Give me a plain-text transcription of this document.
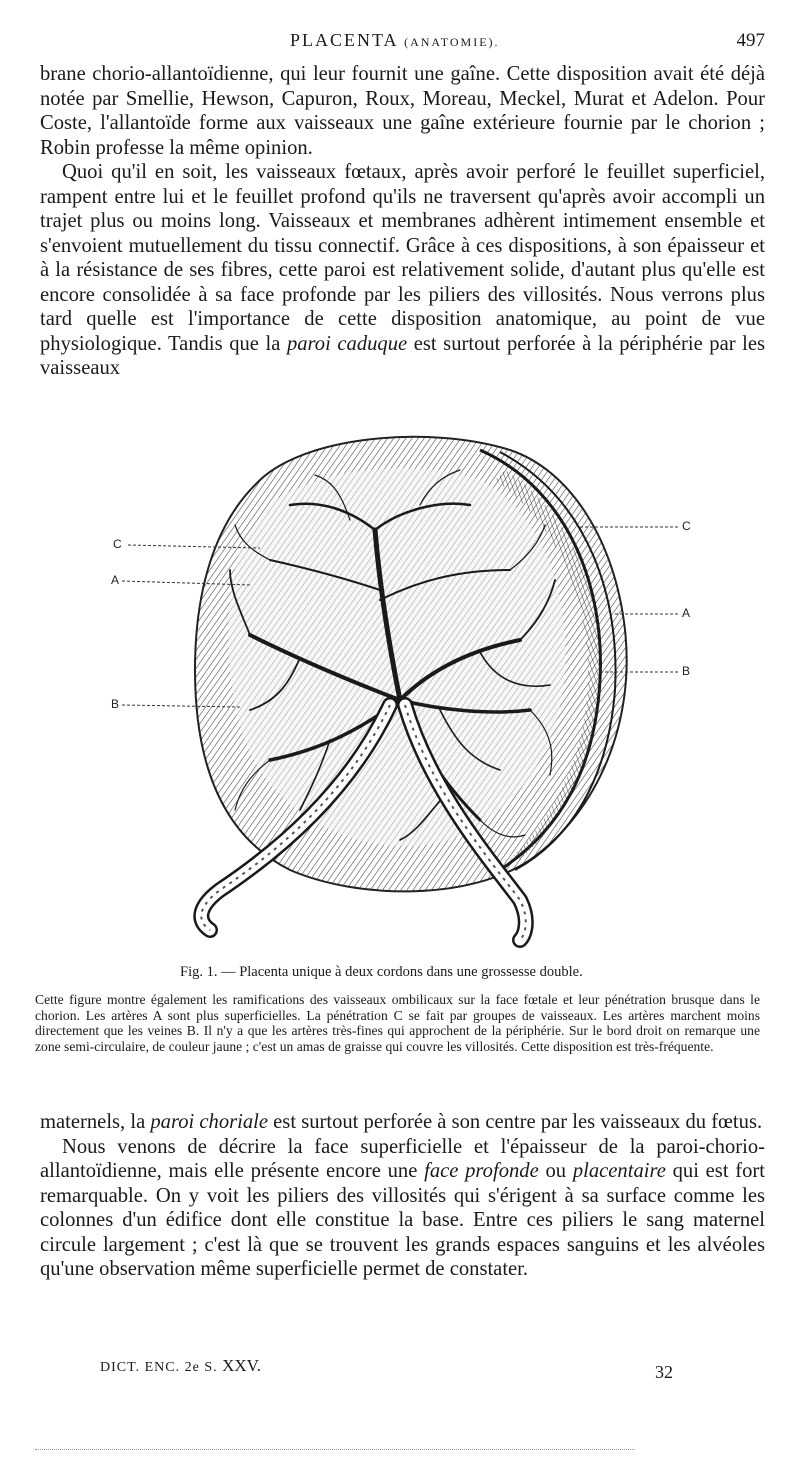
PLACENTA (ANATOMIE).	497

brane chorio-allantoïdienne, qui leur fournit une gaîne. Cette disposition avait été déjà notée par Smellie, Hewson, Capuron, Roux, Moreau, Meckel, Murat et Adelon. Pour Coste, l'allantoïde forme aux vaisseaux une gaîne extérieure fournie par le chorion ; Robin professe la même opinion.

Quoi qu'il en soit, les vaisseaux fœtaux, après avoir perforé le feuillet superficiel, rampent entre lui et le feuillet profond qu'ils ne traversent qu'après avoir accompli un trajet plus ou moins long. Vaisseaux et membranes adhèrent intimement ensemble et s'envoient mutuellement du tissu connectif. Grâce à ces dispositions, à son épaisseur et à la résistance de ses fibres, cette paroi est relativement solide, d'autant plus qu'elle est encore consolidée à sa face profonde par les piliers des villosités. Nous verrons plus tard quelle est l'importance de cette disposition anatomique, au point de vue physiologique. Tandis que la paroi caduque est surtout perforée à la périphérie par les vaisseaux

C
A
B
C
A
B
Fig. 1. — Placenta unique à deux cordons dans une grossesse double.

Cette figure montre également les ramifications des vaisseaux ombilicaux sur la face fœtale et leur pénétration brusque dans le chorion. Les artères A sont plus superficielles. La pénétration C se fait par groupes de vaisseaux. Les artères marchent moins directement que les veines B. Il n'y a que les artères très-fines qui approchent de la périphérie. Sur le bord droit on remarque une zone semi-circulaire, de couleur jaune ; c'est un amas de graisse qui couvre les villosités. Cette disposition est très-fréquente.

maternels, la paroi choriale est surtout perforée à son centre par les vaisseaux du fœtus.

Nous venons de décrire la face superficielle et l'épaisseur de la paroi-chorio-allantoïdienne, mais elle présente encore une face profonde ou placentaire qui est fort remarquable. On y voit les piliers des villosités qui s'érigent à sa surface comme les colonnes d'un édifice dont elle constitue la base. Entre ces piliers le sang maternel circule largement ; c'est là que se trouvent les grands espaces sanguins et les alvéoles qu'une observation même superficielle permet de constater.

DICT. ENC. 2e S. XXV.	32
